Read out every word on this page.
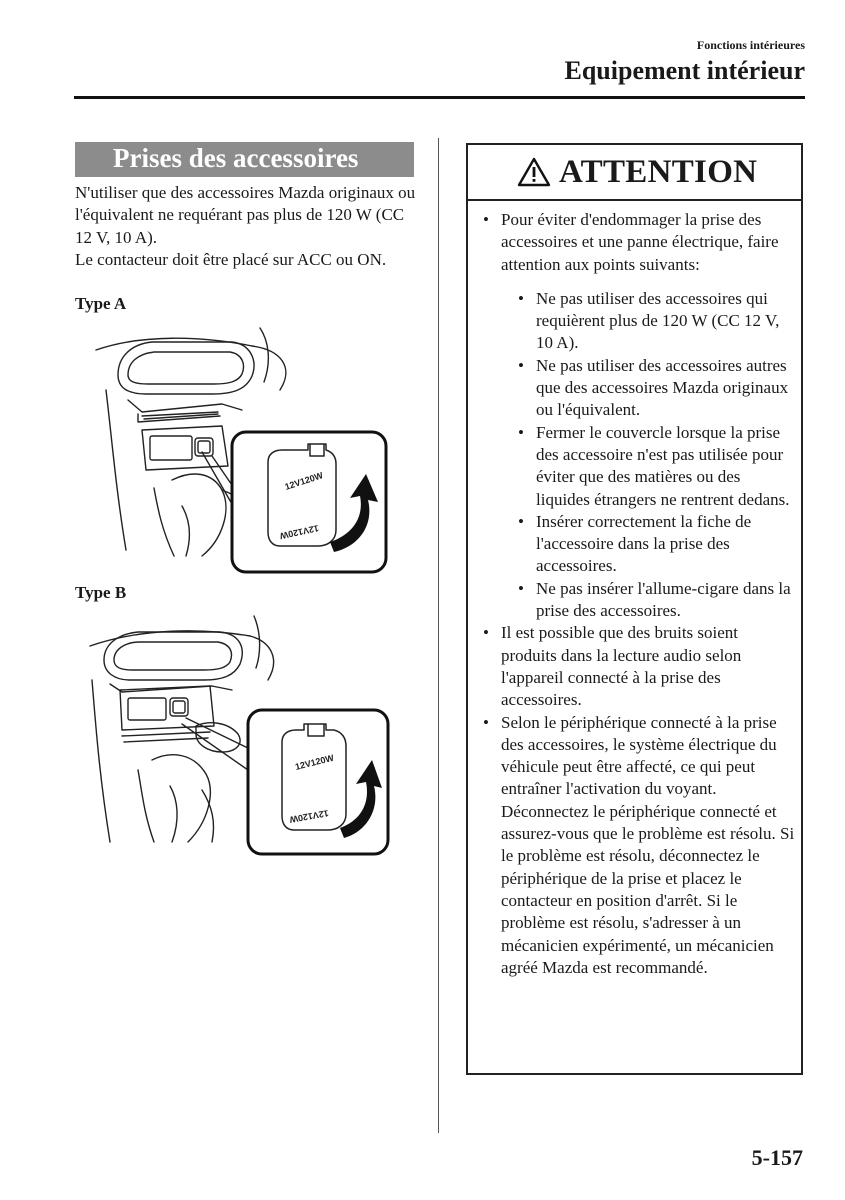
Fonctions intérieures
Equipement intérieur
Prises des accessoires

N'utiliser que des accessoires Mazda originaux ou l'équivalent ne requérant pas plus de 120 W (CC 12 V, 10 A).

Le contacteur doit être placé sur ACC ou ON.

Type A
12V120W
12V120W
Type B
12V120W
12V120W
ATTENTION
• Pour éviter d'endommager la prise des accessoires et une panne électrique, faire attention aux points suivants:
• Ne pas utiliser des accessoires qui requièrent plus de 120 W (CC 12 V, 10 A).
• Ne pas utiliser des accessoires autres que des accessoires Mazda originaux ou l'équivalent.
• Fermer le couvercle lorsque la prise des accessoire n'est pas utilisée pour éviter que des matières ou des liquides étrangers ne rentrent dedans.
• Insérer correctement la fiche de l'accessoire dans la prise des accessoires.
• Ne pas insérer l'allume-cigare dans la prise des accessoires.
• Il est possible que des bruits soient produits dans la lecture audio selon l'appareil connecté à la prise des accessoires.
• Selon le périphérique connecté à la prise des accessoires, le système électrique du véhicule peut être affecté, ce qui peut entraîner l'activation du voyant. Déconnectez le périphérique connecté et assurez-vous que le problème est résolu. Si le problème est résolu, déconnectez le périphérique de la prise et placez le contacteur en position d'arrêt. Si le problème est résolu, s'adresser à un mécanicien expérimenté, un mécanicien agréé Mazda est recommandé.
5-157
